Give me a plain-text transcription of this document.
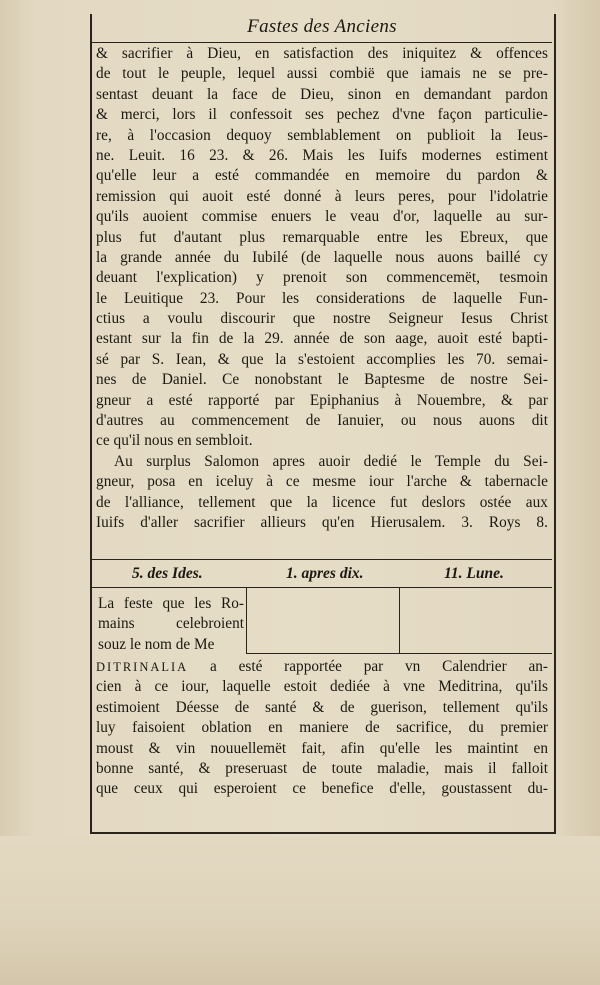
Fastes des Anciens
& sacrifier à Dieu, en satisfaction des iniquitez & offences
de tout le peuple, lequel aussi combië que iamais ne se pre-
sentast deuant la face de Dieu, sinon en demandant pardon
& merci, lors il confessoit ses pechez d'vne façon particulie-
re, à l'occasion dequoy semblablement on publioit la Ieus-
ne. Leuit. 16 23. & 26. Mais les Iuifs modernes estiment
qu'elle leur a esté commandée en memoire du pardon &
remission qui auoit esté donné à leurs peres, pour l'idolatrie
qu'ils auoient commise enuers le veau d'or, laquelle au sur-
plus fut d'autant plus remarquable entre les Ebreux, que
la grande année du Iubilé (de laquelle nous auons baillé cy
deuant l'explication) y prenoit son commencemët, tesmoin
le Leuitique 23. Pour les considerations de laquelle Fun-
ctius a voulu discourir que nostre Seigneur Iesus Christ
estant sur la fin de la 29. année de son aage, auoit esté bapti-
sé par S. Iean, & que la s'estoient accomplies les 70. semai-
nes de Daniel. Ce nonobstant le Baptesme de nostre Sei-
gneur a esté rapporté par Epiphanius à Nouembre, & par
d'autres au commencement de Ianuier, ou nous auons dit
ce qu'il nous en sembloit.
Au surplus Salomon apres auoir dedié le Temple du Sei-
gneur, posa en iceluy à ce mesme iour l'arche & tabernacle
de l'alliance, tellement que la licence fut deslors ostée aux
Iuifs d'aller sacrifier allieurs qu'en Hierusalem. 3. Roys 8.
5. des Ides.	1. apres dix.	11. Lune.
La feste que les Ro-
mains celebroient
souz le nom de Me
DITRINALIA a esté rapportée par vn Calendrier an-
cien à ce iour, laquelle estoit dediée à vne Meditrina, qu'ils
estimoient Déesse de santé & de guerison, tellement qu'ils
luy faisoient oblation en maniere de sacrifice, du premier
moust & vin nouuellemët fait, afin qu'elle les maintint en
bonne santé, & preseruast de toute maladie, mais il falloit
que ceux qui esperoient ce benefice d'elle, goustassent du-
